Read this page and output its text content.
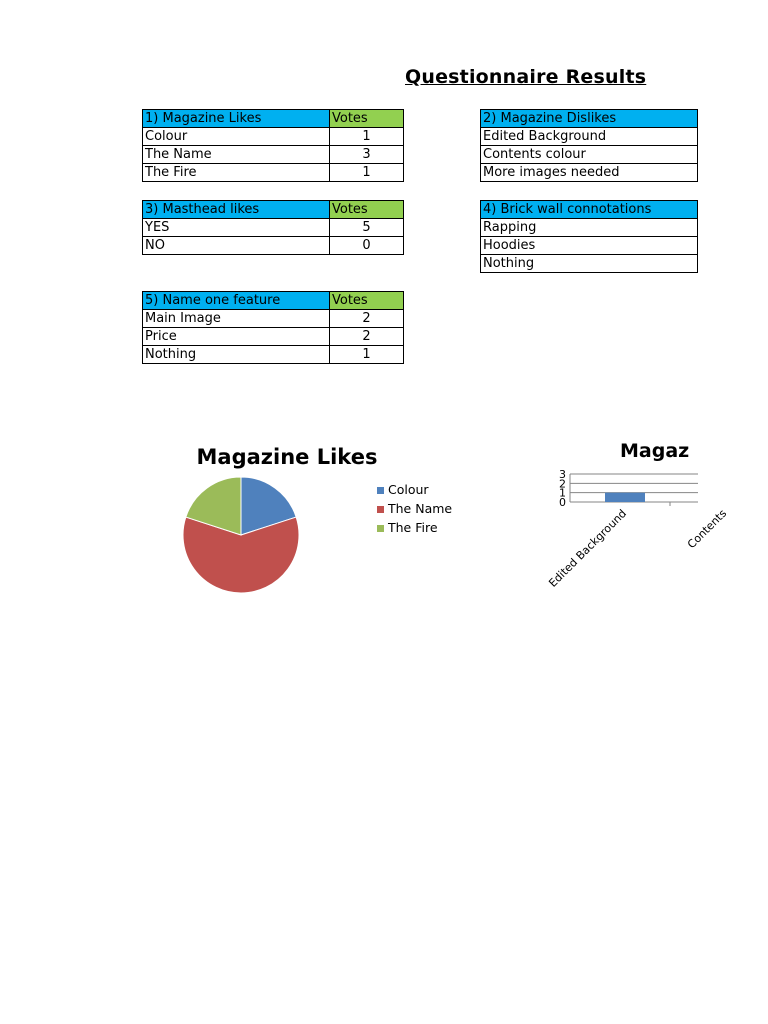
Questionnaire Results
1) Magazine Likes	Votes
Colour	1
The Name	3
The Fire	1
2) Magazine Dislikes
Edited Background
Contents colour
More images needed
3) Masthead likes	Votes
YES	5
NO	0
4) Brick wall connotations
Rapping
Hoodies
Nothing
5) Name one feature	Votes
Main Image	2
Price	2
Nothing	1
Magazine Likes
Colour
The Name
The Fire
Magaz
3
2
1
0
Edited Background	Contents
